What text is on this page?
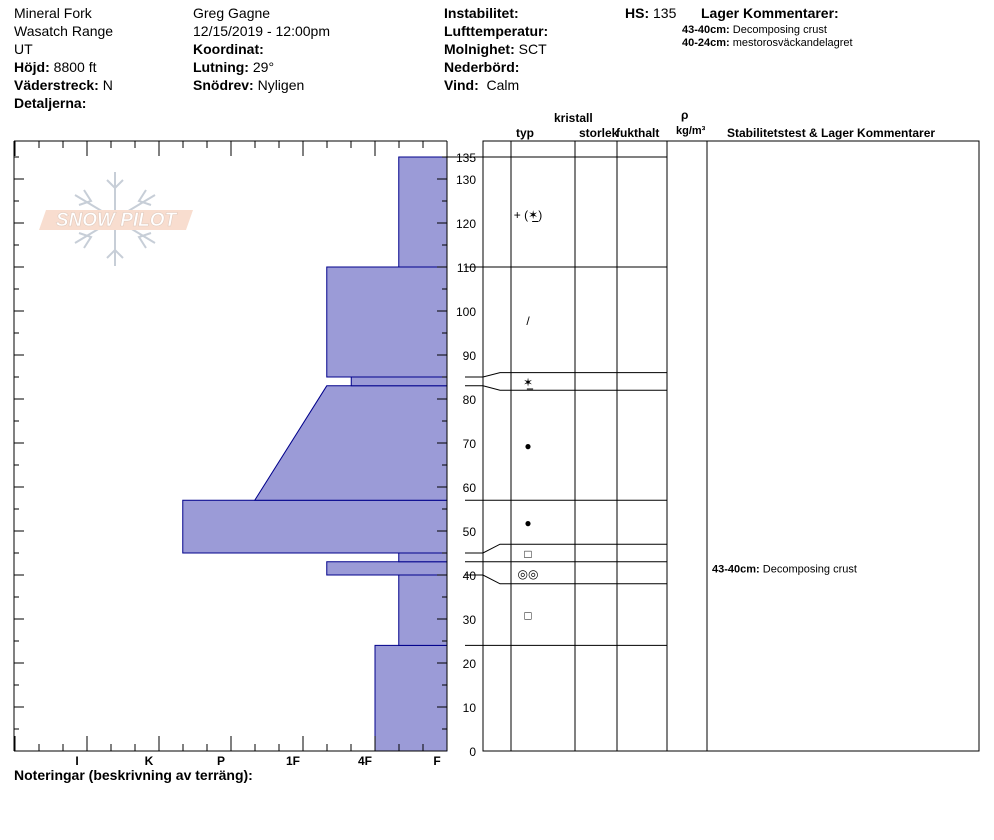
Mineral Fork
Wasatch Range
UT
Höjd: 8800 ft
Väderstreck: N
Detaljerna:
Greg Gagne
12/15/2019 - 12:00pm
Koordinat:
Lutning: 29°
Snödrev: Nyligen
Instabilitet:
Lufttemperatur:
Molnighet: SCT
Nederbörd:
Vind: Calm
HS: 135 Lager Kommentarer:
43-40cm: Decomposing crust
40-24cm: mestorosväckandelagret
kristall
typ	storlek
fukthalt
ρ
kg/m³ Stabilitetstest & Lager Kommentarer
SNOW PILOT
I	K	P	1F	4F	F
0
10
20
30
40
50
60
70
80
90
100
110
120
130
135
+ (✶̲)
/
✶̲
●
●
□
◎◎
□
43-40cm: Decomposing crust
Noteringar (beskrivning av terräng):
